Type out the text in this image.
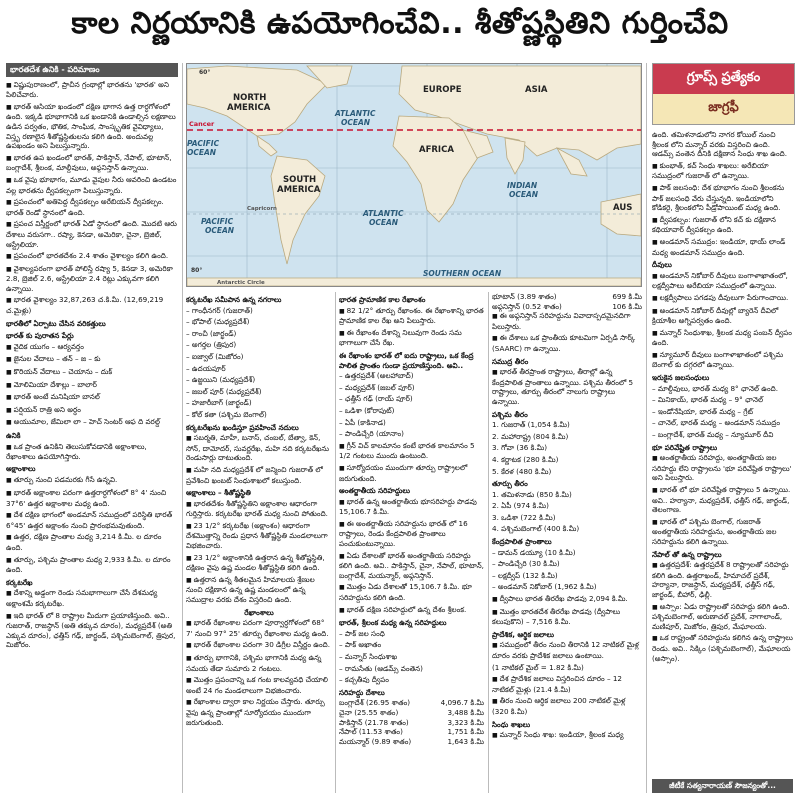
కాల నిర్ణయానికి ఉపయోగించేవి.. శీతోష్ణస్థితిని గుర్తించేవి
భారతదేశ ఉనికి - పరిమాణం

■ విష్ణుపురాణంలో, ప్రాచీన గ్రంథాల్లో భారతను 'భారత' అని పిలిచేవారు.

■ భారత్ ఆసియా ఖండంలో దక్షిణ భాగాన ఉత్త రార్ధగోళంలో ఉంది. ఇక్కడి భూభాగానికి ఒక ఖండానికి ఉండాల్సిన లక్షణాలు ఉడిన పర్వతం, భౌతిక, సాంఘిక, సాంస్కృతిక వైవిధ్యాలు, విస్తృ రణాలైన శీతోష్ణస్థితులను కలిగి ఉంది. అందువల్ల ఉపఖండం అని పిలుస్తున్నారు.

■ భారత ఉప ఖండంలో భారత్, పాకిస్తాన్, నేపాల్, భూటాన్, బంగ్లాదేశ్, శ్రీలంక, మాల్దీవులు, అఫ్గనిస్తాన్ ఉన్నాయి.

■ ఒక వైపు భూభాగం, మూడు వైపుల నీరు ఆవరించి ఉండటం వల్ల భారతను ద్వీపకల్పంగా పిలుస్తున్నారు.

■ ప్రపంచంలో అతిపెద్ద ద్వీపకల్పం అరేబియన్ ద్వీపకల్పం. భారత్ రెండో స్థానంలో ఉంది.

■ ప్రపంచ విస్తీర్ణంలో భారత్ ఏడో స్థానంలో ఉంది. మొదటి ఆరు దేశాలు వరుసగా.. రష్యా, కెనడా, అమెరికా, చైనా, బ్రెజిల్, ఆస్ట్రేలియా.

■ ప్రపంచంలో భారతదేశం 2.4 శాతం వైశాల్యం కలిగి ఉంది.

■ వైశాల్యపరంగా భారత్ పోలిస్తే రష్యా 5, కెనడా 3, అమెరికా 2.8, బ్రెజిల్ 2.6, ఆస్ట్రేలియా 2.4 రెట్లు ఎక్కువగా కలిగి ఉన్నాయి.

■ భారత వైశాల్యం 32,87,263 చ.కి.మీ. (12,69,219 చ.మైళ్లు)

భారతీలో ఏర్పాటు చేసిన వరికత్తులు
భారత్ కు పురాతన పేర్లు

■ వైదిక యుగం – ఆర్యవర్తం

■ జైనుల వేదాలు – తన్ – జ – కు

■ కొరియన్ వేదాలు – చెయాను – దుక్

■ మోలిమియా దేశాల్లు – బాలార్

■ భారత్ అంటే మనిషియా బానల్

■ పర్షియన్ రాత్రి అని అర్థం

■ అయుమాల, జేమిలా లా – హెచ్ సెంటర్ ఆఫ ది వరల్డ్

ఉనికి

■ ఒక ప్రాంత ఉనికిని తెలుసుకోవడానికి అక్షాంశాలు, రేఖాంశాలు ఉపయోగిస్తారు.

అక్షాంశాలు

■ తూర్పు నుంచి పడమరకు గీసే ఉన్నవి.

■ భారత్ అక్షాంశాల పరంగా ఉత్తరార్ధగోళంలో 8° 4' నుంచి 37°6' ఉత్తర అక్షాంశాల మధ్య ఉంది.

■ దేశ దక్షిణ భాగంలో అండమాన్ సముద్రంలో పరిస్థితి భారత్ 6°45' ఉత్తర అక్షాంశం నుంచి ప్రారంభమవుతుంది.

■ ఉత్తర, దక్షిణ ప్రాంతాల మధ్య 3,214 కి.మీ. ల దూరం ఉంది.

■ తూర్పు, పశ్చిమ ప్రాంతాల మధ్య 2,933 కి.మీ. ల దూరం ఉంది.

కర్కటరేఖ

■ దేశాన్ని అడ్డంగా రెండు సమభాగాలుగా చేసే దేశమధ్య అక్షాంశమే కర్కటరేఖ.

■ ఇది భారత్ లో 8 రాష్ట్రాల మీదుగా ప్రయాణిస్తుంది. అవి.. గుజరాత్, రాజస్థాన్ (అతి తక్కువ దూరం), మధ్యప్రదేశ్ (అతి ఎక్కువ దూరం), ఛత్తీస్ గఢ్, జార్ఖండ్, పశ్చిమబెంగాల్, త్రిపుర, మిజోరం.

NORTH AMERICA
EUROPE	ASIA
ATLANTIC OCEAN
PACIFIC OCEAN	AFRICA
SOUTH AMERICA	INDIAN OCEAN
ATLANTIC OCEAN
PACIFIC OCEAN
SOUTHERN OCEAN
AUS
Cancer
Antarctic Circle
Capricorn
60°
80°
గ్రూప్స్ ప్రత్యేకం
జాగ్రఫీ
కర్కటరేఖ సమీపాన ఉన్న నగరాలు

– గాంధీనగర్ (గుజరాత్)

– భోపాల్ (మధ్యప్రదేశ్)

– రాంచీ (జార్ఖండ్)

– అగర్తల (త్రిపుర)

– ఐజ్వాల్ (మిజోరం)

– ఉదయపూర్

– ఉజ్జయిని (మధ్యప్రదేశ్)

– జబల్ పూర్ (మధ్యప్రదేశ్)

– హజారీబాగ్ (జార్ఖండ్)

– కోల్ కతా (పశ్చిమ బెంగాల్)

కర్కటరేఖను ఖండిస్తూ ప్రవహించే నదులు

■ సబర్మతి, మాహీ, బనాస్, చంబల్, బేత్వా, కెన్, సోన్, దామోదర్, సువర్ణరేఖ, మహి నది కర్కటరేఖను రెండుసార్లు దాటుతుంది.

■ మహి నది మధ్యప్రదేశ్ లో జన్మించి గుజరాత్ లో ప్రవేశించి ఖంబట్ సింధుశాఖలో కలుస్తుంది.

అక్షాంశాలు – శీతోష్ణస్థితి

■ భారతదేశం శీతోష్ణస్థితిని అక్షాంశాల ఆధారంగా గుర్తిస్తారు. కర్కటరేఖ భారత్ మధ్య నుంచి పోతుంది.

■ 23 1/2° కర్కటరేఖ (అక్షాంశం) ఆధారంగా దేశమొత్తాన్ని రెండు ప్రధాన శీతోష్ణస్థితి మండలాలుగా విభజించారు.

■ 23 1/2° అక్షాంశానికి ఉత్తరాన ఉన్న శీతోష్ణస్థితి, దక్షిణం వైపు ఉష్ణ మండల శీతోష్ణస్థితి కలిగి ఉంది.

■ ఉత్తరాన ఉన్న శీతలమైన హిమాలయ శ్రేణుల నుంచి దక్షిణాన ఉన్న ఉష్ణ మండలంలో ఉన్న సముద్రాల వరకు దేశం విస్తరించి ఉంది.

రేఖాంశాలు

■ భారత్ రేఖాంశాల పరంగా పూర్వార్ధగోళంలో 68° 7' నుంచి 97° 25' తూర్పు రేఖాంశాల మధ్య ఉంది.

■ భారత్ రేఖాంశాల పరంగా 30 డిగ్రీల విస్తీర్ణం ఉంది.

■ తూర్పు భాగానికి, పశ్చిమ భాగానికి మధ్య ఉన్న సమయ తేడా సుమారు 2 గంటలు.

■ మొత్తం ప్రపంచాన్ని ఒక గంట కాలవ్యవధి చేయాలి అంటే 24 గం మండలాలుగా విభజించారు.

■ రేఖాంశాల ద్వారా కాల నిర్ణయం చేస్తారు. తూర్పు వైపు ఉన్న ప్రాంతాల్లో సూర్యోదయం ముందుగా జరుగుతుంది.

భారత ప్రామాణిక కాల రేఖాంశం

■ 82 1/2° తూర్పు రేఖాంశం. ఈ రేఖాంశాన్ని భారత ప్రామాణిక కాల రేఖ అని పిలుస్తారు.

■ ఈ రేఖాంశం దేశాన్ని నిలువుగా రెండు సమ భాగాలుగా చేసే రేఖ.

ఈ రేఖాంశం భారత్ లో ఐదు రాష్ట్రాలు, ఒక కేంద్ర పాలిత ప్రాంతం గుండా ప్రయాణిస్తుంది. అవి..

– ఉత్తరప్రదేశ్ (అలహాబాద్)

– మధ్యప్రదేశ్ (జబల్ పూర్)

– ఛత్తీస్ గఢ్ (రాయ్ పూర్)

– ఒడిశా (కోరాపుట్)

– ఏపీ (కాకినాడ)

– పాండిచ్చేరి (యానాం)

■ గ్రీన్ విచ్ కాలమానం కంటే భారత కాలమానం 5 1/2 గంటలు ముందు ఉంటుంది.

■ సూర్యోదయం ముందుగా తూర్పు రాష్ట్రాలలో జరుగుతుంది.

అంతర్జాతీయ సరిహద్దులు

■ భారత్ ఉన్న అంతర్జాతీయ భూసరిహద్దు పొడవు 15,106.7 కి.మీ.

■ ఈ అంతర్జాతీయ సరిహద్దును భారత్ లో 16 రాష్ట్రాలు, రెండు కేంద్రపాలిత ప్రాంతాలు పంచుకుంటున్నాయి.

■ ఏడు దేశాలతో భారత్ అంతర్జాతీయ సరిహద్దు కలిగి ఉంది. అవి.. పాకిస్తాన్, చైనా, నేపాల్, భూటాన్, బంగ్లాదేశ్, మయన్మార్, అఫ్గనిస్తాన్.

■ మొత్తం ఏడు దేశాలతో 15,106.7 కి.మీ. భూ సరిహద్దును కలిగి ఉంది.

■ భారత్ దక్షిణ సరిహద్దులో ఉన్న దేశం శ్రీలంక.

భారత్, శ్రీలంక మధ్య ఉన్న సరిహద్దులు

– పాక్ జల సంధి

– పాక్ అఖాతం

– మన్నార్ సింధుశాఖ

– రామసేతు (ఆడమ్స్ వంతెన)

– కచ్చతీవు ద్వీపం

సరిహద్దు దేశాలు
బంగ్లాదేశ్ (26.95 శాతం)	4,096.7 కి.మీ
చైనా (25.55 శాతం)	3,488 కి.మీ
పాకిస్తాన్ (21.78 శాతం)	3,323 కి.మీ
నేపాల్ (11.53 శాతం)	1,751 కి.మీ
మయన్మార్ (9.89 శాతం)	1,643 కి.మీ
భూటాన్ (3.89 శాతం)	699 కి.మీ
అఫ్గనిస్తాన్ (0.52 శాతం)	106 కి.మీ

■ ఈ అఫ్గనిస్తాన్ సరిహద్దును వివాదాస్పదమైనదిగా పిలుస్తారు.

■ ఈ దేశాలు ఒక ప్రాంతీయ కూటమిగా ఏర్పడి సార్క్ (SAARC) గా ఉన్నాయి.

సముద్ర తీరం

■ భారత్ తీరప్రాంత రాష్ట్రాలు, తీరాల్లో ఉన్న కేంద్రపాలిత ప్రాంతాలు ఉన్నాయి. పశ్చిమ తీరంలో 5 రాష్ట్రాలు, తూర్పు తీరంలో నాలుగు రాష్ట్రాలు ఉన్నాయి.

పశ్చిమ తీరం

1. గుజరాత్ (1,054 కి.మీ)

2. మహారాష్ట్ర (804 కి.మీ)

3. గోవా (36 కి.మీ)

4. కర్ణాటక (280 కి.మీ)

5. కేరళ (480 కి.మీ)

తూర్పు తీరం

1. తమిళనాడు (850 కి.మీ)

2. ఏపీ (974 కి.మీ)

3. ఒడిశా (722 కి.మీ)

4. పశ్చిమబెంగాల్ (400 కి.మీ)

కేంద్రపాలిత ప్రాంతాలు

– డామన్ డయ్యూ (10 కి.మీ)

– పాండిచ్చేరి (30 కి.మీ)

– లక్షద్వీప్ (132 కి.మీ)

– అండమాన్ నికోబార్ (1,962 కి.మీ)

■ ద్వీపాలు భారత తీరరేఖ పొడవు 2,094 కి.మీ.

■ మొత్తం భారతదేశ తీరరేఖ పొడవు (ద్వీపాలు కలుపుకొని) – 7,516 కి.మీ.

ప్రాదేశిక, ఆర్థిక జలాలు

■ సముద్రంలో తీరం నుంచి తీరానికి 12 నాటికల్ మైళ్ల దూరం వరకు ప్రాదేశిక జలాలు ఉంటాయి.

(1 నాటికల్ మైల్ = 1.82 కి.మీ)

■ దేశ ప్రాదేశిక జలాలు విస్తరించిన దూరం – 12 నాటికల్ మైళ్లు (21.4 కి.మీ)

■ తీరం నుంచి ఆర్థిక జలాలు 200 నాటికల్ మైళ్ల (320 కి.మీ)

సింధు శాఖలు

■ మన్నార్ సింధు శాఖ: ఇండియా, శ్రీలంక మధ్య

ఉంది. తమిళనాడులోని నాగర కోయిల్ నుంచి శ్రీలంక లోని మన్నార్ వరకు విస్తరించి ఉంది. ఆడమ్స్ వంతెన దీనికి దక్షిణాన సింధు శాఖ ఉంది.

■ కుంభాత్, కచ్ సింధు శాఖలు: అరేబియా సముద్రంలో గుజరాత్ లో ఉన్నాయి.

■ పాక్ జలసంధి: దేశ భూభాగం నుంచి శ్రీలంకను పాక్ జలసంధి వేరు చేస్తున్నది. ఇండియాలోని కోడికరై, శ్రీలంకలోని పీడ్రోపాయింట్ మధ్య ఉంది.

■ ద్వీపకల్పం: గుజరాత్ లోని కచ్ కు దక్షిణాన కథియావార్ ద్వీపకల్పం ఉంది.

■ అండమాన్ సముద్రం: ఇండియా, థాయ్ లాండ్ మధ్య అండమాన్ సముద్రం ఉంది.

దీవులు

■ అండమాన్ నికోబార్ దీవులు బంగాళాఖాతంలో, లక్షద్వీపాలు అరేబియా సముద్రంలో ఉన్నాయి.

■ లక్షద్వీపాలు పగడపు దీవులుగా పేరుగాంచాయి.

■ అండమాన్ నికోబార్ దీవుల్లో బ్యారెన్ దీవిలో క్రియాశీల అగ్నిపర్వతం ఉంది.

■ మన్నార్ సింధుశాఖ, శ్రీలంక మధ్య పంబన్ ద్వీపం ఉంది.

■ న్యూమూర్ దీవులు బంగాళాఖాతంలో పశ్చిమ బెంగాల్ కు దగ్గరలో ఉన్నాయి.

ఇరుకైన జలసంధులు

– మాల్దీవులు, భారత్ మధ్య 8° ఛానెల్ ఉంది.

– మినికాయ్, భారత్ మధ్య – 9° ఛానెల్

– ఇండోనేషియా, భారత్ మధ్య – గ్రేట్

– చానెల్, భారత్ మధ్య – అండమాన్ సముద్రం

– బంగ్లాదేశ్, భారత్ మధ్య – న్యూమూర్ దీవి

భూ పరివేష్టిత రాష్ట్రాలు

■ అంతర్జాతీయ సరిహద్దు, అంతర్జాతీయ జల సరిహద్దు లేని రాష్ట్రాలను 'భూ పరివేష్టిత రాష్ట్రాలు' అని పిలుస్తారు.

■ భారత్ లో భూ పరివేష్టిత రాష్ట్రాలు 5 ఉన్నాయి. అవి.. హర్యానా, మధ్యప్రదేశ్, ఛత్తీస్ గఢ్, జార్ఖండ్, తెలంగాణ.

■ భారత్ లో పశ్చిమ బెంగాల్, గుజరాత్ అంతర్జాతీయ సరిహద్దును, అంతర్జాతీయ జల సరిహద్దును కలిగి ఉన్నాయి.

నేపాల్ తో ఉన్న రాష్ట్రాలు

■ ఉత్తరప్రదేశ్: ఉత్తరప్రదేశ్ 8 రాష్ట్రాలతో సరిహద్దు కలిగి ఉంది. ఉత్తరాఖండ్, హిమాచల్ ప్రదేశ్, హర్యానా, రాజస్థాన్, మధ్యప్రదేశ్, ఛత్తీస్ గఢ్, జార్ఖండ్, బీహార్, ఢిల్లీ.

■ అస్సాం: ఏడు రాష్ట్రాలతో సరిహద్దు కలిగి ఉంది. పశ్చిమబెంగాల్, అరుణాచల్ ప్రదేశ్, నాగాలాండ్, మణిపూర్, మిజోరం, త్రిపుర, మేఘాలయ.

■ ఒక రాష్ట్రంతో సరిహద్దును కలిగిన ఉన్న రాష్ట్రాలు రెండు. అవి.. సిక్కిం (పశ్చిమబెంగాల్), మేఘాలయ (అస్సాం).

జీటీకే సత్యనారాయణ్ సౌజన్యంతో...
